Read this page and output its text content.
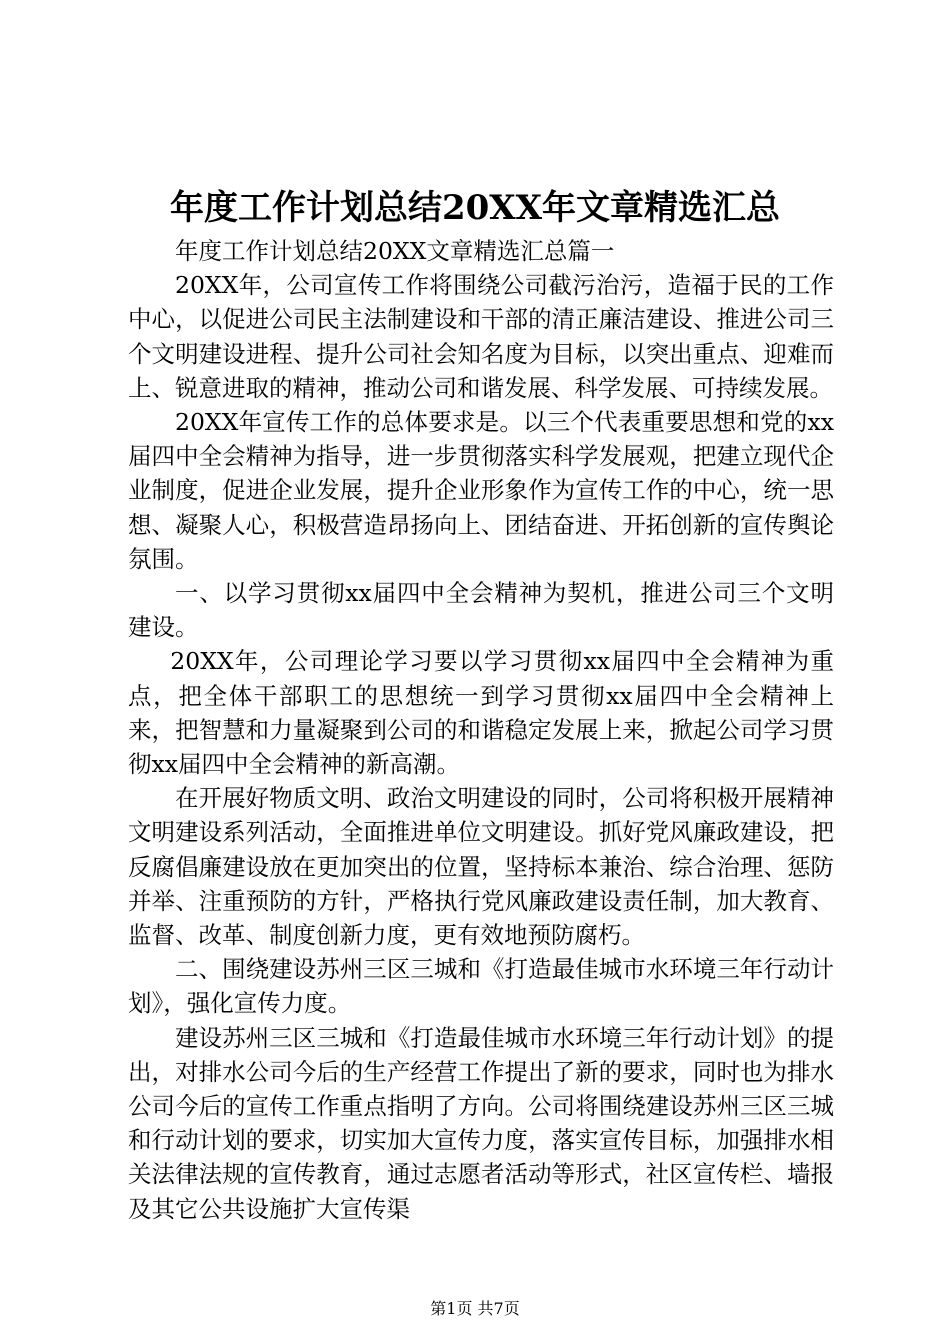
年度工作计划总结20XX年文章精选汇总

年度工作计划总结20XX文章精选汇总篇一

20XX年，公司宣传工作将围绕公司截污治污，造福于民的工作中心，以促进公司民主法制建设和干部的清正廉洁建设、推进公司三个文明建设进程、提升公司社会知名度为目标，以突出重点、迎难而上、锐意进取的精神，推动公司和谐发展、科学发展、可持续发展。

20XX年宣传工作的总体要求是。以三个代表重要思想和党的xx届四中全会精神为指导，进一步贯彻落实科学发展观，把建立现代企业制度，促进企业发展，提升企业形象作为宣传工作的中心，统一思想、凝聚人心，积极营造昂扬向上、团结奋进、开拓创新的宣传舆论氛围。

一、以学习贯彻xx届四中全会精神为契机，推进公司三个文明建设。

20XX年，公司理论学习要以学习贯彻xx届四中全会精神为重点，把全体干部职工的思想统一到学习贯彻xx届四中全会精神上来，把智慧和力量凝聚到公司的和谐稳定发展上来，掀起公司学习贯彻xx届四中全会精神的新高潮。

在开展好物质文明、政治文明建设的同时，公司将积极开展精神文明建设系列活动，全面推进单位文明建设。抓好党风廉政建设，把反腐倡廉建设放在更加突出的位置，坚持标本兼治、综合治理、惩防并举、注重预防的方针，严格执行党风廉政建设责任制，加大教育、监督、改革、制度创新力度，更有效地预防腐朽。

二、围绕建设苏州三区三城和《打造最佳城市水环境三年行动计划》，强化宣传力度。

建设苏州三区三城和《打造最佳城市水环境三年行动计划》的提出，对排水公司今后的生产经营工作提出了新的要求，同时也为排水公司今后的宣传工作重点指明了方向。公司将围绕建设苏州三区三城和行动计划的要求，切实加大宣传力度，落实宣传目标，加强排水相关法律法规的宣传教育，通过志愿者活动等形式，社区宣传栏、墙报及其它公共设施扩大宣传渠

第1页 共7页
